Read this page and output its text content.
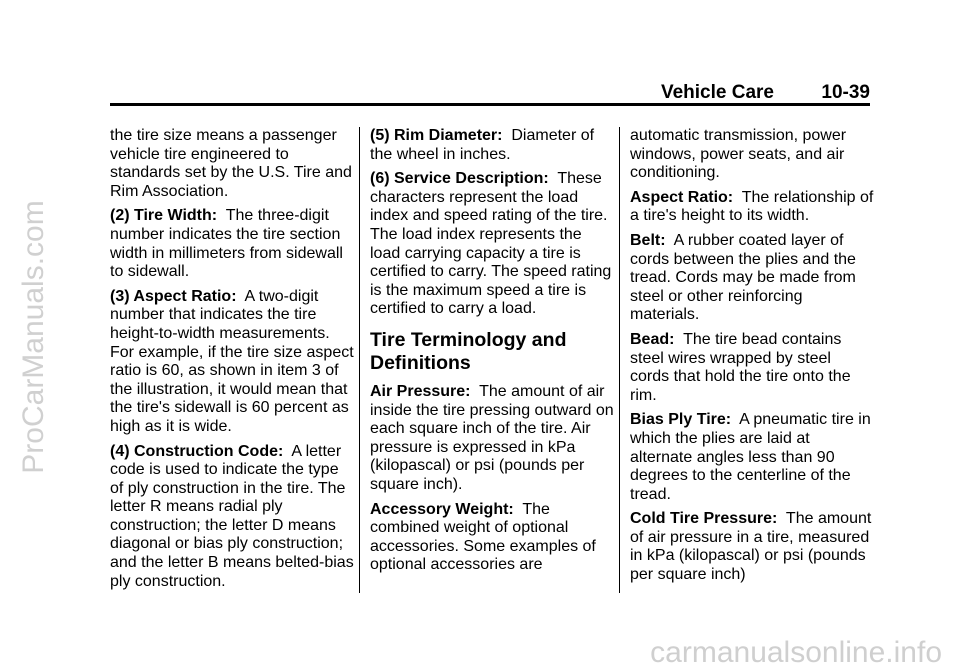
ProCarManuals.com
carmanualsonline.info
Vehicle Care 10-39

the tire size means a passenger vehicle tire engineered to standards set by the U.S. Tire and Rim Association.

(2) Tire Width: The three-digit number indicates the tire section width in millimeters from sidewall to sidewall.

(3) Aspect Ratio: A two-digit number that indicates the tire height-to-width measurements. For example, if the tire size aspect ratio is 60, as shown in item 3 of the illustration, it would mean that the tire's sidewall is 60 percent as high as it is wide.

(4) Construction Code: A letter code is used to indicate the type of ply construction in the tire. The letter R means radial ply construction; the letter D means diagonal or bias ply construction; and the letter B means belted-bias ply construction.

(5) Rim Diameter: Diameter of the wheel in inches.

(6) Service Description: These characters represent the load index and speed rating of the tire. The load index represents the load carrying capacity a tire is certified to carry. The speed rating is the maximum speed a tire is certified to carry a load.

Tire Terminology and Definitions

Air Pressure: The amount of air inside the tire pressing outward on each square inch of the tire. Air pressure is expressed in kPa (kilopascal) or psi (pounds per square inch).

Accessory Weight: The combined weight of optional accessories. Some examples of optional accessories are

automatic transmission, power windows, power seats, and air conditioning.

Aspect Ratio: The relationship of a tire's height to its width.

Belt: A rubber coated layer of cords between the plies and the tread. Cords may be made from steel or other reinforcing materials.

Bead: The tire bead contains steel wires wrapped by steel cords that hold the tire onto the rim.

Bias Ply Tire: A pneumatic tire in which the plies are laid at alternate angles less than 90 degrees to the centerline of the tread.

Cold Tire Pressure: The amount of air pressure in a tire, measured in kPa (kilopascal) or psi (pounds per square inch)
